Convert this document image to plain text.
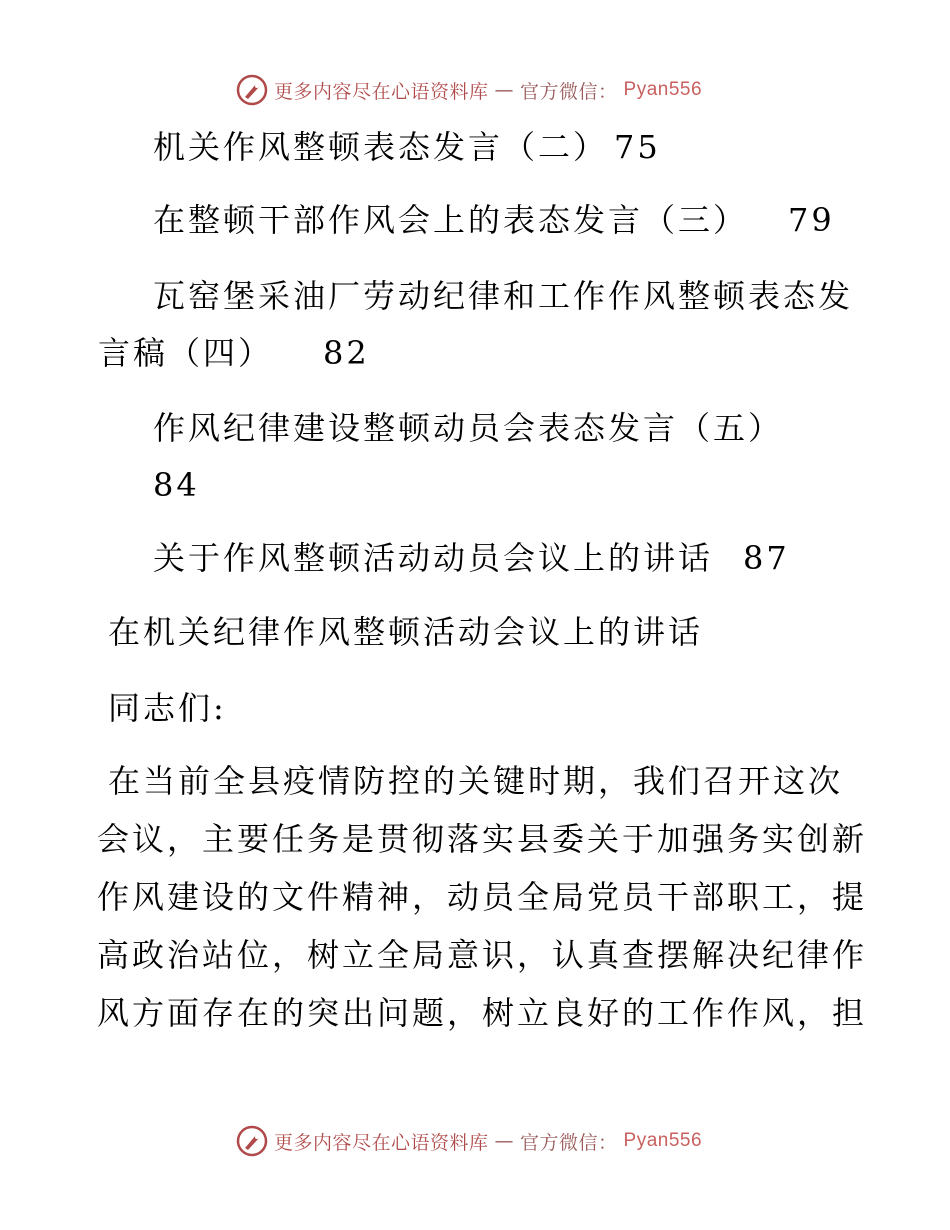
更多内容尽在心语资料库 — 官方微信： Pyan556
机关作风整顿表态发言（二） 75
在整顿干部作风会上的表态发言（三） 79
瓦窑堡采油厂劳动纪律和工作作风整顿表态发
言稿（四） 82
作风纪律建设整顿动员会表态发言（五）
84
关于作风整顿活动动员会议上的讲话 87
在机关纪律作风整顿活动会议上的讲话
同志们:
在当前全县疫情防控的关键时期，我们召开这次
会议，主要任务是贯彻落实县委关于加强务实创新
作风建设的文件精神，动员全局党员干部职工，提
高政治站位，树立全局意识，认真查摆解决纪律作
风方面存在的突出问题，树立良好的工作作风，担
更多内容尽在心语资料库 — 官方微信： Pyan556
